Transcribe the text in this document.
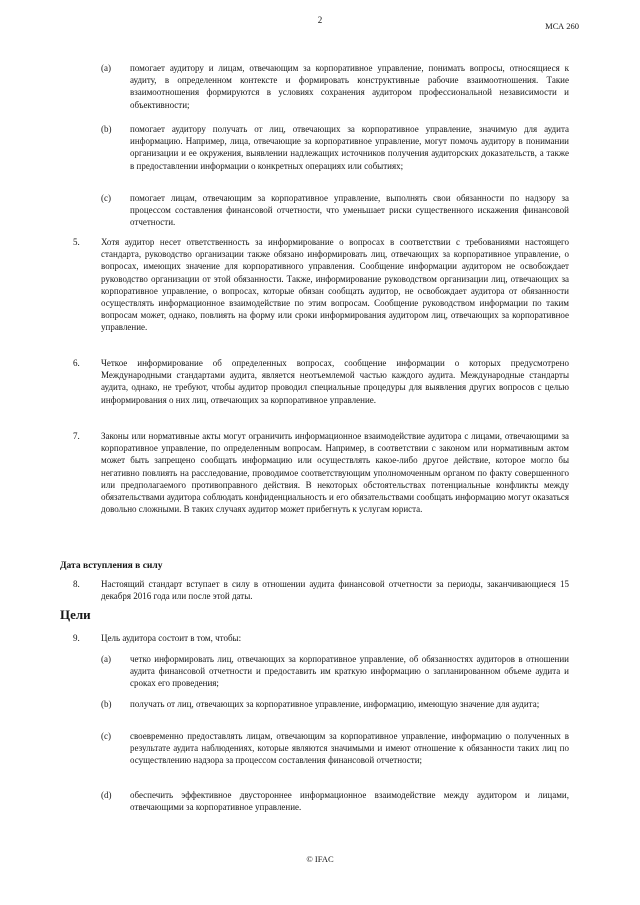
2
МСА 260
(a) помогает аудитору и лицам, отвечающим за корпоративное управление, понимать вопросы, относящиеся к аудиту, в определенном контексте и формировать конструктивные рабочие взаимоотношения. Такие взаимоотношения формируются в условиях сохранения аудитором профессиональной независимости и объективности;
(b) помогает аудитору получать от лиц, отвечающих за корпоративное управление, значимую для аудита информацию. Например, лица, отвечающие за корпоративное управление, могут помочь аудитору в понимании организации и ее окружения, выявлении надлежащих источников получения аудиторских доказательств, а также в предоставлении информации о конкретных операциях или событиях;
(c) помогает лицам, отвечающим за корпоративное управление, выполнять свои обязанности по надзору за процессом составления финансовой отчетности, что уменьшает риски существенного искажения финансовой отчетности.
5. Хотя аудитор несет ответственность за информирование о вопросах в соответствии с требованиями настоящего стандарта, руководство организации также обязано информировать лиц, отвечающих за корпоративное управление, о вопросах, имеющих значение для корпоративного управления. Сообщение информации аудитором не освобождает руководство организации от этой обязанности. Также, информирование руководством организации лиц, отвечающих за корпоративное управление, о вопросах, которые обязан сообщать аудитор, не освобождает аудитора от обязанности осуществлять информационное взаимодействие по этим вопросам. Сообщение руководством информации по таким вопросам может, однако, повлиять на форму или сроки информирования аудитором лиц, отвечающих за корпоративное управление.
6. Четкое информирование об определенных вопросах, сообщение информации о которых предусмотрено Международными стандартами аудита, является неотъемлемой частью каждого аудита. Международные стандарты аудита, однако, не требуют, чтобы аудитор проводил специальные процедуры для выявления других вопросов с целью информирования о них лиц, отвечающих за корпоративное управление.
7. Законы или нормативные акты могут ограничить информационное взаимодействие аудитора с лицами, отвечающими за корпоративное управление, по определенным вопросам. Например, в соответствии с законом или нормативным актом может быть запрещено сообщать информацию или осуществлять какое-либо другое действие, которое могло бы негативно повлиять на расследование, проводимое соответствующим уполномоченным органом по факту совершенного или предполагаемого противоправного действия. В некоторых обстоятельствах потенциальные конфликты между обязательствами аудитора соблюдать конфиденциальность и его обязательствами сообщать информацию могут оказаться довольно сложными. В таких случаях аудитор может прибегнуть к услугам юриста.
Дата вступления в силу
8. Настоящий стандарт вступает в силу в отношении аудита финансовой отчетности за периоды, заканчивающиеся 15 декабря 2016 года или после этой даты.
Цели
9. Цель аудитора состоит в том, чтобы:
(a) четко информировать лиц, отвечающих за корпоративное управление, об обязанностях аудиторов в отношении аудита финансовой отчетности и предоставить им краткую информацию о запланированном объеме аудита и сроках его проведения;
(b) получать от лиц, отвечающих за корпоративное управление, информацию, имеющую значение для аудита;
(c) своевременно предоставлять лицам, отвечающим за корпоративное управление, информацию о полученных в результате аудита наблюдениях, которые являются значимыми и имеют отношение к обязанности таких лиц по осуществлению надзора за процессом составления финансовой отчетности;
(d) обеспечить эффективное двустороннее информационное взаимодействие между аудитором и лицами, отвечающими за корпоративное управление.
© IFAC
